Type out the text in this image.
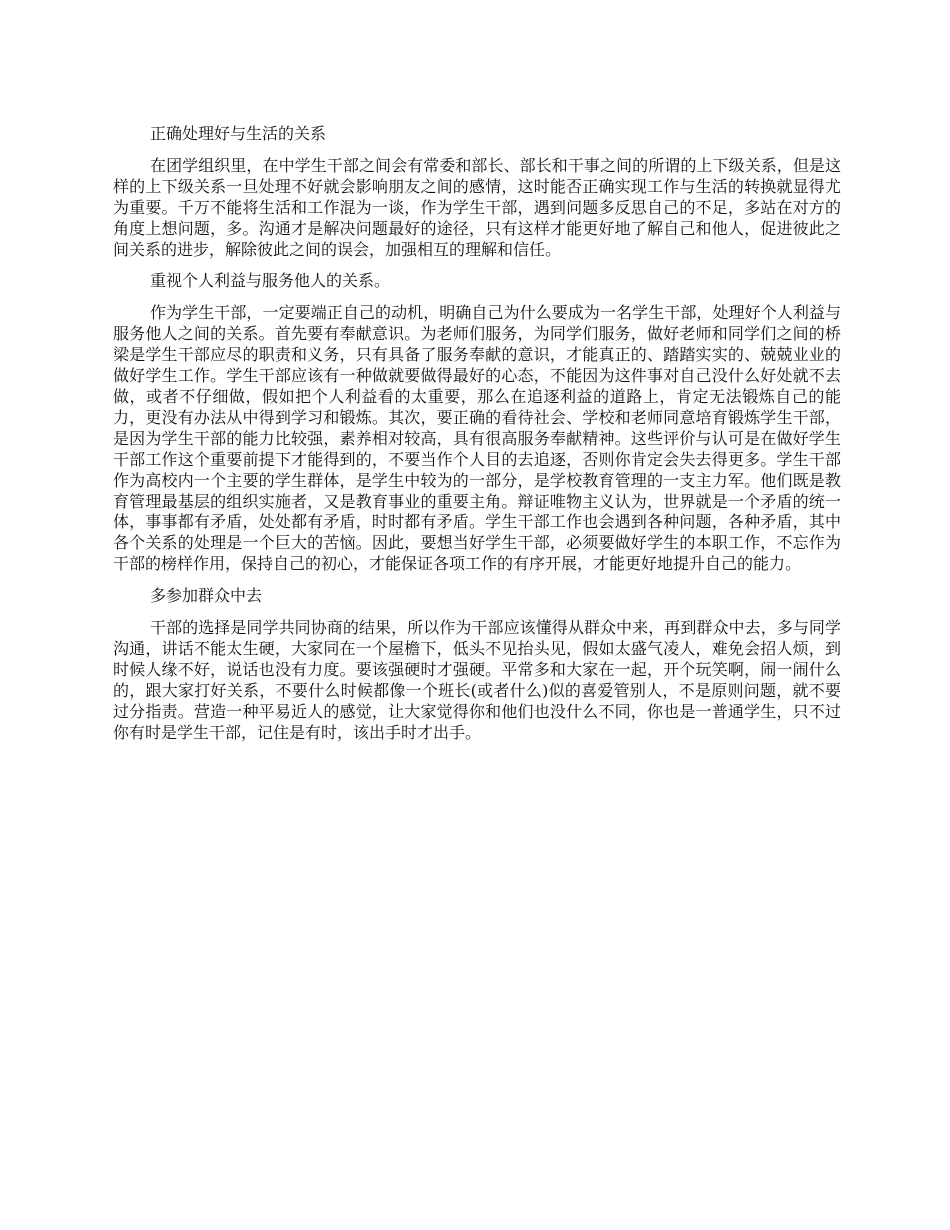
正确处理好与生活的关系

在团学组织里，在中学生干部之间会有常委和部长、部长和干事之间的所谓的上下级关系，但是这样的上下级关系一旦处理不好就会影响朋友之间的感情，这时能否正确实现工作与生活的转换就显得尤为重要。千万不能将生活和工作混为一谈，作为学生干部，遇到问题多反思自己的不足，多站在对方的角度上想问题，多。沟通才是解决问题最好的途径，只有这样才能更好地了解自己和他人，促进彼此之间关系的进步，解除彼此之间的误会，加强相互的理解和信任。

重视个人利益与服务他人的关系。

作为学生干部，一定要端正自己的动机，明确自己为什么要成为一名学生干部，处理好个人利益与服务他人之间的关系。首先要有奉献意识。为老师们服务，为同学们服务，做好老师和同学们之间的桥梁是学生干部应尽的职责和义务，只有具备了服务奉献的意识，才能真正的、踏踏实实的、兢兢业业的做好学生工作。学生干部应该有一种做就要做得最好的心态，不能因为这件事对自己没什么好处就不去做，或者不仔细做，假如把个人利益看的太重要，那么在追逐利益的道路上，肯定无法锻炼自己的能力，更没有办法从中得到学习和锻炼。其次，要正确的看待社会、学校和老师同意培育锻炼学生干部，是因为学生干部的能力比较强，素养相对较高，具有很高服务奉献精神。这些评价与认可是在做好学生干部工作这个重要前提下才能得到的，不要当作个人目的去追逐，否则你肯定会失去得更多。学生干部作为高校内一个主要的学生群体，是学生中较为的一部分，是学校教育管理的一支主力军。他们既是教育管理最基层的组织实施者，又是教育事业的重要主角。辩证唯物主义认为，世界就是一个矛盾的统一体，事事都有矛盾，处处都有矛盾，时时都有矛盾。学生干部工作也会遇到各种问题，各种矛盾，其中各个关系的处理是一个巨大的苦恼。因此，要想当好学生干部，必须要做好学生的本职工作，不忘作为干部的榜样作用，保持自己的初心，才能保证各项工作的有序开展，才能更好地提升自己的能力。

多参加群众中去

干部的选择是同学共同协商的结果，所以作为干部应该懂得从群众中来，再到群众中去，多与同学沟通，讲话不能太生硬，大家同在一个屋檐下，低头不见抬头见，假如太盛气凌人，难免会招人烦，到时候人缘不好，说话也没有力度。要该强硬时才强硬。平常多和大家在一起，开个玩笑啊，闹一闹什么的，跟大家打好关系，不要什么时候都像一个班长(或者什么)似的喜爱管别人，不是原则问题，就不要过分指责。营造一种平易近人的感觉，让大家觉得你和他们也没什么不同，你也是一普通学生，只不过你有时是学生干部，记住是有时，该出手时才出手。
